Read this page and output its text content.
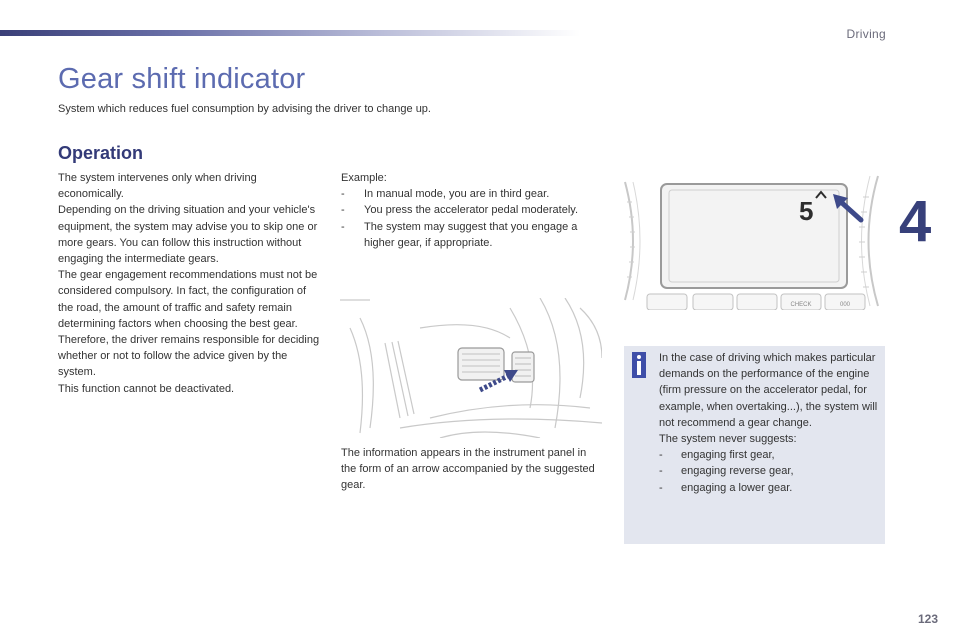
Driving
Gear shift indicator
System which reduces fuel consumption by advising the driver to change up.
Operation

The system intervenes only when driving economically.

Depending on the driving situation and your vehicle's equipment, the system may advise you to skip one or more gears. You can follow this instruction without engaging the intermediate gears.

The gear engagement recommendations must not be considered compulsory. In fact, the configuration of the road, the amount of traffic and safety remain determining factors when choosing the best gear. Therefore, the driver remains responsible for deciding whether or not to follow the advice given by the system.

This function cannot be deactivated.

Example:
- In manual mode, you are in third gear.
- You press the accelerator pedal moderately.
- The system may suggest that you engage a higher gear, if appropriate.
5
CHECK	000
The information appears in the instrument panel in the form of an arrow accompanied by the suggested gear.
4

In the case of driving which makes particular demands on the performance of the engine (firm pressure on the accelerator pedal, for example, when overtaking...), the system will not recommend a gear change.

The system never suggests:

- engaging first gear,
- engaging reverse gear,
- engaging a lower gear.
123
